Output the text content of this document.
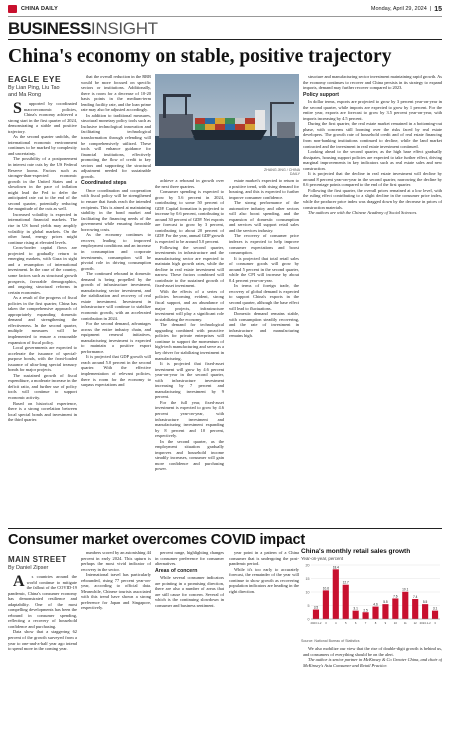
CHINA DAILY	Monday, April 29, 2024 | 15
BUSINESSINSIGHT
China's economy on stable, positive trajectory
EAGLE EYE
By Lian Ping, Liu Tao
and Ma Rong

Supported by coordinated macroeconomic policies, China's economy achieved a strong start in the first quarter of 2024, demonstrating a stable and positive trajectory.

As the second quarter unfolds, the international economic environment continues to be marked by complexity and uncertainty.

The possibility of a postponement in interest rate cuts by the US Federal Reserve looms. Factors such as stronger-than-expected economic growth in the United States and a slowdown in the pace of inflation might lead the Fed to defer the anticipated rate cut to the end of the second quarter, potentially reducing the magnitude of the cuts as well.

Increased volatility is expected in international financial markets. The rise in US bond yields may amplify volatility in global markets. On the other hand, energy prices might continue rising at elevated levels.

Cross-border capital flows are projected to gradually return to emerging markets, with Gaza in sight and a resumption of international investment. In the case of the country, some factors such as structural growth prospects, favorable demographics, and ongoing structural reforms in certain economies.

As a result of the progress of fiscal policies in the first quarter, China has taken the comprehensive approach of appropriately expanding domestic demand and strengthening the effectiveness. In the second quarter, multiple measures will be implemented to ensure a reasonable expansion of fiscal policy.

Local governments are expected to accelerate the issuance of special-purpose bonds, with the front-loaded issuance of ultra-long special treasury bonds for major projects.

The sustained growth of fiscal expenditure, a moderate increase in the deficit ratio, and further use of policy tools will continue to support economic activity.

Based on historical experience, there is a strong correlation between local special bonds and investment in the third quarter.

that the overall reduction in the RRR would be more focused on specific sectors or institutions. Additionally, there is room for a decrease of 10-20 basis points in the medium-term lending facility rate, and the loan prime rate may also be adjusted accordingly.

In addition to traditional measures, structural monetary policy tools such as Inclusive technological innovation and facilitating technological transformation through relending will be comprehensively utilized. These tools will enhance guidance for financial institutions, effectively promoting the flow of credit to key sectors and supporting the structural adjustment needed for sustainable growth.

Coordinated steps

Once coordination and cooperation with fiscal policy will be strengthened to ensure that funds reach the intended recipients. This is aimed at maintaining stability in the bond market and facilitating the financing needs of the government while ensuring favorable borrowing costs.

As the economy continues to recover, leading to improved employment conditions and an increase in consumption and corporate investments, consumption will be pivotal role in driving consumption growth.

The continued rebound in domestic demand is being propelled by the growth of infrastructure investment, manufacturing sector investment, and the stabilization and recovery of real estate investment. Investment in infrastructure will continue to stabilize economic growth, with an accelerated contribution in 2024.

For the second demand, advantages across the entire industry chain, and equipment renewal initiatives, manufacturing investment is expected to maintain a positive export performance.

It is projected that GDP growth will reach around 5.0 percent in the second quarter. With the effective implementation of relevant policies, there is room for the economy to surpass expectations and

ZHANG JING / CHINA DAILY

achieve a rebound in growth over the next three quarters.

Consumer spending is expected to grow by 5.6 percent in 2024, contributing to some 50 percent of GDP. Capital formation is projected to increase by 0.6 percent, contributing to around 30 percent of GDP. Net exports are forecast to grow by 3 percent, contributing to about 20 percent of GDP. For the year, annual GDP growth is expected to be around 5.0 percent.

Following the second quarter, investments in infrastructure and the manufacturing sector are expected to maintain high growth rates, while the decline in real estate investment will narrow. These factors combined will contribute to the sustained growth of fixed-asset investment.

With the effects of a series of policies becoming evident, strong fiscal support, and an abundance of major projects, infrastructure investment will play a significant role in stabilizing the economy.

The demand for technological upgrading combined with proactive policies for private enterprises will continue to support the momentum of high-tech manufacturing and serve as a key driver for stabilizing investment in manufacturing.

It is projected that fixed-asset investment will grow by 4.6 percent year-on-year in the second quarter, with infrastructure investment increasing by 7 percent and manufacturing investment by 9 percent.

For the full year, fixed-asset investment is expected to grow by 4.6 percent year-on-year, with infrastructure investment and manufacturing investment expanding by 8 percent and 10 percent, respectively.

In the second quarter, as the employment situation gradually improves and household income steadily increases, consumer will gain more confidence and purchasing power.

estate market's expected to return to a positive trend, with rising demand for housing, and this is expected to further improve consumer confidence.

The strong performance of the automotive industry and other sectors will also boost spending, and the expansion of domestic consumption and services will support retail sales and the services industry.

The recovery of consumer price indexes is expected to help improve consumer expectations and boost consumption.

It is projected that total retail sales of consumer goods will grow by around 5 percent in the second quarter, while the CPI will increase by about 0.4 percent year-on-year.

In terms of foreign trade, the recovery of global demand is expected to support China's exports in the second quarter, although the base effect will lead to fluctuations.

Domestic demand remains stable, with consumption steadily recovering, and the rate of investment in infrastructure and manufacturing remains high.

structure and manufacturing sector investment maintaining rapid growth. As the economy continues to recover and China persists in its strategy to expand imports, demand may further recover compared to 2023.

Policy support

In dollar terms, exports are projected to grow by 3 percent year-on-year in the second quarter, while imports are expected to grow by 1 percent. For the entire year, exports are forecast to grow by 3.5 percent year-on-year, with imports increasing by 4.5 percent.

During the first quarter, the real estate market remained in a bottoming-out phase, with concerns still looming over the risks faced by real estate developers. The growth rate of household credit and of real estate financing from non-banking institutions continued to decline, while the land market contracted and the investment in real estate investment continued.

Looking ahead to the second quarter, as the high base effect gradually dissipates, housing support policies are expected to take further effect, driving marginal improvements in key indicators such as real estate sales and new construction.

It is projected that the decline in real estate investment will decline by around 8 percent year-on-year in the second quarter, narrowing the decline by 0.6 percentage points compared to the end of the first quarter.

Following the first quarter, the overall prices remained at a low level, with the ruling effect contributing to a slight decline in the consumer price index, while the producer price index was dragged down by the decrease in prices of construction materials.

The authors are with the Chinese Academy of Social Sciences.

Consumer market overcomes COVID impact
MAIN STREET
By Daniel Zipser

As countries around the world continue to mitigate the fallout of the COVID-19 pandemic, China's consumer economy has demonstrated resilience and adaptability. One of the most compelling developments has been the rebound in consumer spending, reflecting a recovery of household confidence and purchasing.

Data show that a staggering 62 percent of the growth surveyed from a year to one-and-a-half year ago intend to spend more in the coming year.

numbers scored by an astonishing 44 percent in early 2024. This upturn is perhaps the most vivid indicator of recovery in the sector.

International travel has particularly rebounded, rising 77 percent year-on-year, according to official data. Meanwhile, Chinese tourists associated with this trend have shown a strong preference for Japan and Singapore, respectively.

percent range, highlighting changes in consumer preference for consumer alternatives.

Areas of concern

While several consumer indicators are pointing in a promising direction, there are also a number of areas that are still cause for concern. Several of which is the continuing slowdown in consumer and business sentiment.

year point in a pattern of a China consumer that is undergoing the post-pandemic period.

While it's too early to accurately forecast, the remainder of the year will continue to show growth as recovering population indicators are heading in the right direction.

China's monthly retail sales growth
Year-on-year, percent
0
5
10
15
20
3.5
2023.1-2
10.6
3
18.4
4
12.7
5
3.1
6
2.5
7
4.6
8
5.5
9
7.6
10
10.1
11
7.4
12
5.5
2024.1-2
3.1
3
Source: National Bureau of Statistics

We also mobilize our view that the rise of double-digit growth is behind us, and consumers of everything should be on the alert.

The author is senior partner in McKinsey & Co Greater China, and chair of McKinsey's Asia Consumer and Retail Practice.
